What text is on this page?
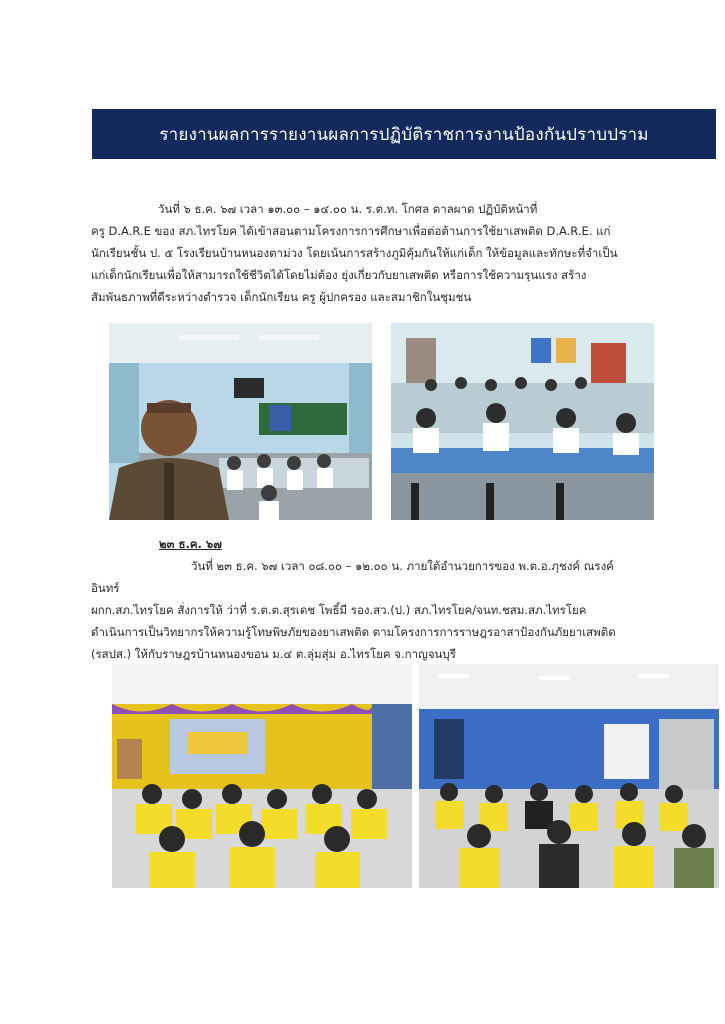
รายงานผลการรายงานผลการปฏิบัติราชการงานป้องกันปราบปราม
วันที่ ๖ ธ.ค. ๖๗ เวลา ๑๓.๐๐ – ๑๔.๐๐ น. ร.ต.ท. โกศล ตาลผาด ปฏิบัติหน้าที่
ครู D.A.R.E ของ สภ.ไทรโยค ได้เข้าสอนตามโครงการการศึกษาเพื่อต่อต้านการใช้ยาเสพติด D.A.R.E. แก่
นักเรียนชั้น ป. ๕ โรงเรียนบ้านหนองตาม่วง โดยเน้นการสร้างภูมิคุ้มกันให้แก่เด็ก ให้ข้อมูลและทักษะที่จำเป็น
แก่เด็กนักเรียนเพื่อให้สามารถใช้ชีวิตได้โดยไม่ต้อง ยุ่งเกี่ยวกับยาเสพติด หรือการใช้ความรุนแรง สร้าง
สัมพันธภาพที่ดีระหว่างตำรวจ เด็กนักเรียน ครู ผู้ปกครอง และสมาชิกในชุมชน
๒๓ ธ.ค. ๖๗
วันที่ ๒๓ ธ.ค. ๖๗ เวลา ๐๘.๐๐ – ๑๒.๐๐ น. ภายใต้อำนวยการของ พ.ต.อ.ภุชงค์ ณรงค์
อินทร์
ผกก.สภ.ไทรโยค สั่งการให้ ว่าที่ ร.ต.ต.สุรเดช โพธิ์มี รอง.สว.(ป.) สภ.ไทรโยค/จนท.ชสม.สภ.ไทรโยค
ดำเนินการเป็นวิทยากรให้ความรู้โทษพิษภัยของยาเสพติด ตามโครงการการราษฎรอาสาป้องกันภัยยาเสพติด
(รสปส.) ให้กับราษฎรบ้านหนองขอน ม.๔ ต.ลุ่มสุ่ม อ.ไทรโยค จ.กาญจนบุรี
